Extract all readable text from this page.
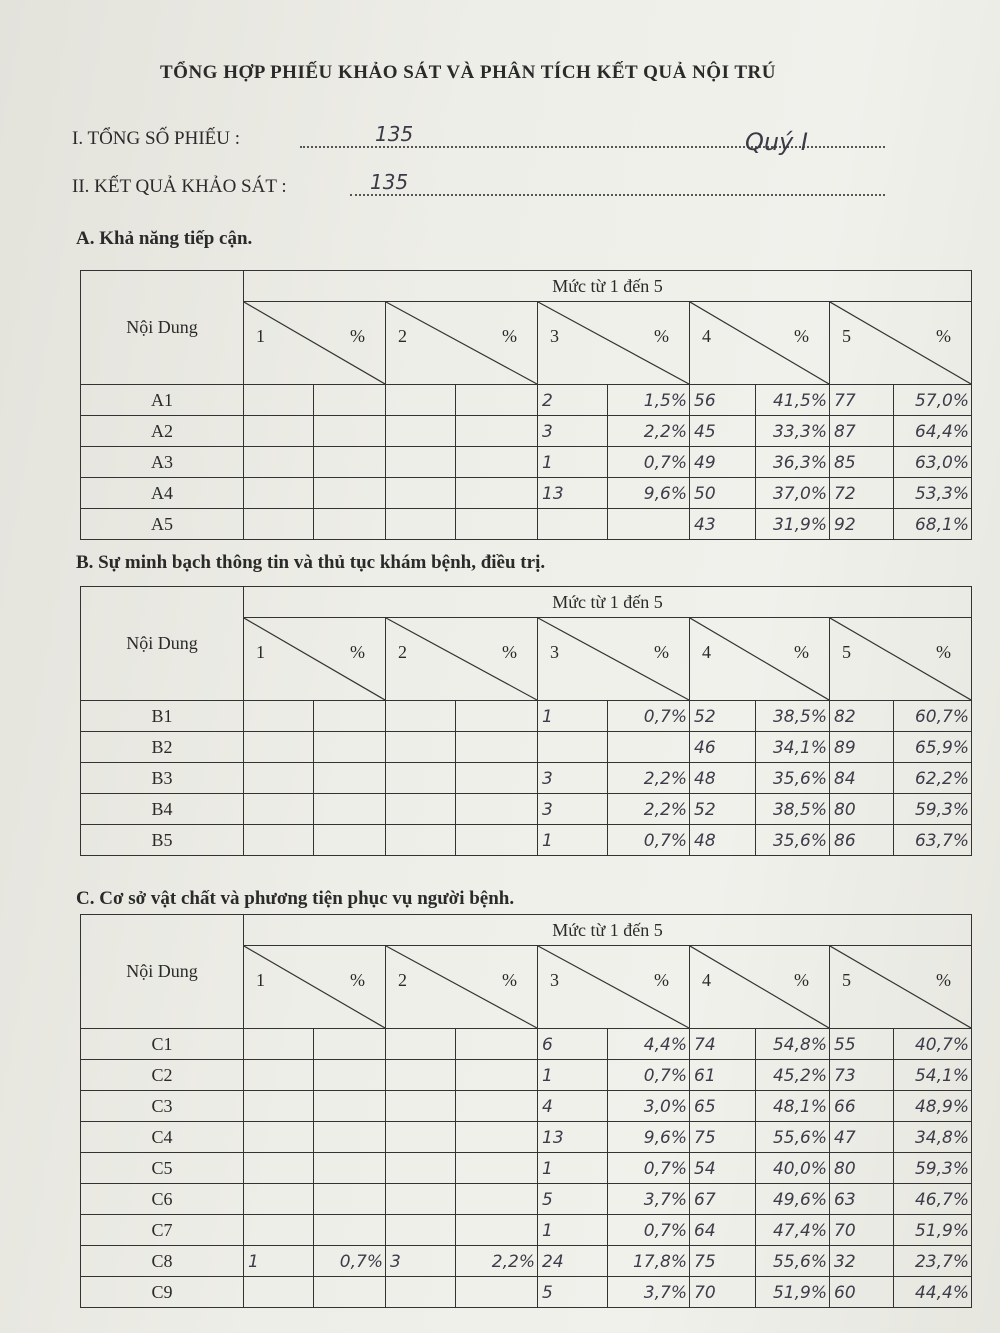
TỔNG HỢP PHIẾU KHẢO SÁT VÀ PHÂN TÍCH KẾT QUẢ NỘI TRÚ
I. TỔNG SỐ PHIẾU :	135	Quý I
II. KẾT QUẢ KHẢO SÁT :	135
A. Khả năng tiếp cận.
Nội Dung	Mức từ 1 đến 5									

	1 %		2 %		3 %		4 %		5 %	

A1					2	1,5%	56	41,5%	77	57,0%

A2					3	2,2%	45	33,3%	87	64,4%

A3					1	0,7%	49	36,3%	85	63,0%

A4					13	9,6%	50	37,0%	72	53,3%

A5							43	31,9%	92	68,1%
B. Sự minh bạch thông tin và thủ tục khám bệnh, điều trị.
Nội Dung	Mức từ 1 đến 5									

	1 %		2 %		3 %		4 %		5 %	

B1					1	0,7%	52	38,5%	82	60,7%

B2							46	34,1%	89	65,9%

B3					3	2,2%	48	35,6%	84	62,2%

B4					3	2,2%	52	38,5%	80	59,3%

B5					1	0,7%	48	35,6%	86	63,7%
C. Cơ sở vật chất và phương tiện phục vụ người bệnh.
Nội Dung	Mức từ 1 đến 5									

	1 %		2 %		3 %		4 %		5 %	

C1					6	4,4%	74	54,8%	55	40,7%

C2					1	0,7%	61	45,2%	73	54,1%

C3					4	3,0%	65	48,1%	66	48,9%

C4					13	9,6%	75	55,6%	47	34,8%

C5					1	0,7%	54	40,0%	80	59,3%

C6					5	3,7%	67	49,6%	63	46,7%

C7					1	0,7%	64	47,4%	70	51,9%

C8	1	0,7%	3	2,2%	24	17,8%	75	55,6%	32	23,7%

C9					5	3,7%	70	51,9%	60	44,4%
